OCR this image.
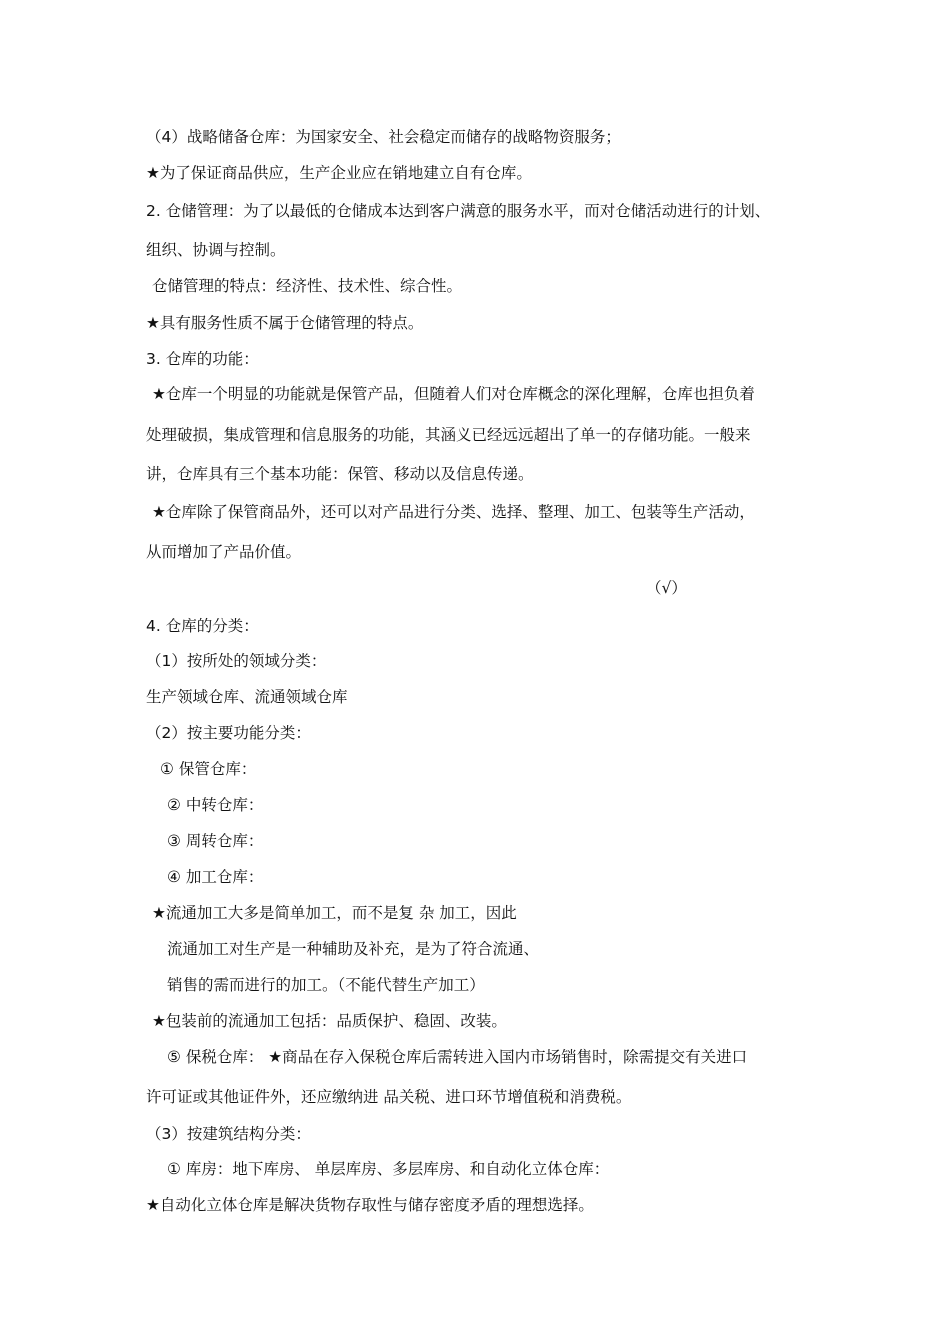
（4）战略储备仓库：为国家安全、社会稳定而储存的战略物资服务；
★为了保证商品供应，生产企业应在销地建立自有仓库。
2. 仓储管理：为了以最低的仓储成本达到客户满意的服务水平，而对仓储活动进行的计划、
组织、协调与控制。
仓储管理的特点：经济性、技术性、综合性。
★具有服务性质不属于仓储管理的特点。
3. 仓库的功能：
★仓库一个明显的功能就是保管产品，但随着人们对仓库概念的深化理解，仓库也担负着
处理破损，集成管理和信息服务的功能，其涵义已经远远超出了单一的存储功能。一般来
讲，仓库具有三个基本功能：保管、移动以及信息传递。
★仓库除了保管商品外，还可以对产品进行分类、选择、整理、加工、包装等生产活动，
从而增加了产品价值。
（√）
4. 仓库的分类：
（1）按所处的领域分类：
生产领域仓库、流通领域仓库
（2）按主要功能分类：
① 保管仓库：
② 中转仓库：
③ 周转仓库：
④ 加工仓库：
★流通加工大多是简单加工，而不是复 杂 加工，因此
流通加工对生产是一种辅助及补充，是为了符合流通、
销售的需而进行的加工。（不能代替生产加工）
★包装前的流通加工包括：品质保护、稳固、改装。
⑤ 保税仓库： ★商品在存入保税仓库后需转进入国内市场销售时，除需提交有关进口
许可证或其他证件外，还应缴纳进 品关税、进口环节增值税和消费税。
（3）按建筑结构分类：
① 库房：地下库房、 单层库房、多层库房、和自动化立体仓库：
★自动化立体仓库是解决货物存取性与储存密度矛盾的理想选择。
